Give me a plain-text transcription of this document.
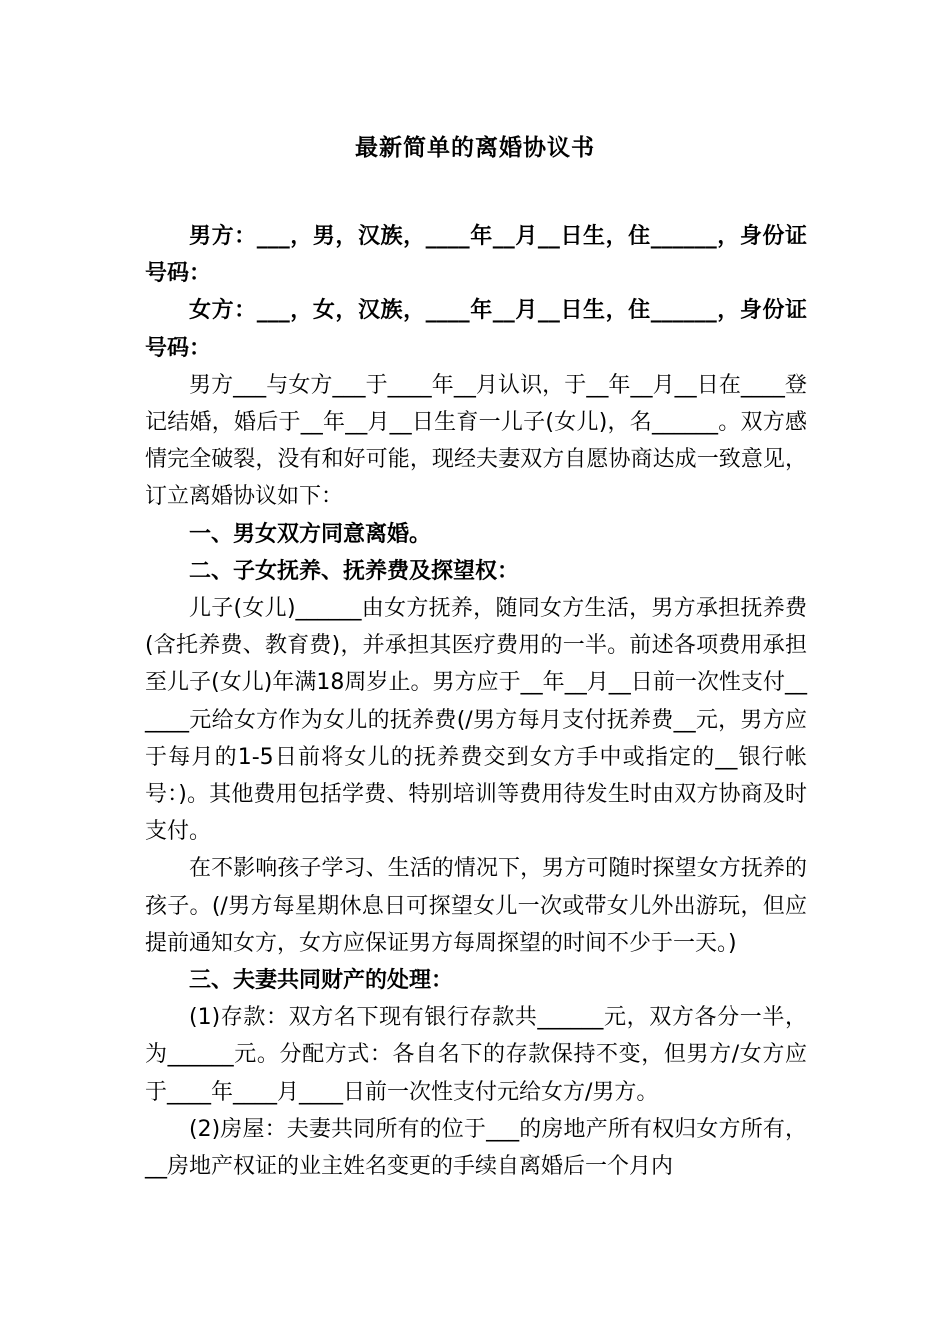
最新简单的离婚协议书

男方：___，男，汉族，____年__月__日生，住______，身份证号码：

女方：___，女，汉族，____年__月__日生，住______，身份证号码：

男方___与女方___于____年__月认识，于__年__月__日在____登记结婚，婚后于__年__月__日生育一儿子(女儿)，名______。双方感情完全破裂，没有和好可能，现经夫妻双方自愿协商达成一致意见，订立离婚协议如下：

一、男女双方同意离婚。

二、子女抚养、抚养费及探望权：

儿子(女儿)______由女方抚养，随同女方生活，男方承担抚养费(含托养费、教育费)，并承担其医疗费用的一半。前述各项费用承担至儿子(女儿)年满18周岁止。男方应于__年__月__日前一次性支付______元给女方作为女儿的抚养费(/男方每月支付抚养费__元，男方应于每月的1-5日前将女儿的抚养费交到女方手中或指定的__银行帐号：)。其他费用包括学费、特别培训等费用待发生时由双方协商及时支付。

在不影响孩子学习、生活的情况下，男方可随时探望女方抚养的孩子。(/男方每星期休息日可探望女儿一次或带女儿外出游玩，但应提前通知女方，女方应保证男方每周探望的时间不少于一天。)

三、夫妻共同财产的处理：

(1)存款：双方名下现有银行存款共______元，双方各分一半，为______元。分配方式：各自名下的存款保持不变，但男方/女方应于____年____月____日前一次性支付元给女方/男方。

(2)房屋：夫妻共同所有的位于___的房地产所有权归女方所有，__房地产权证的业主姓名变更的手续自离婚后一个月内
